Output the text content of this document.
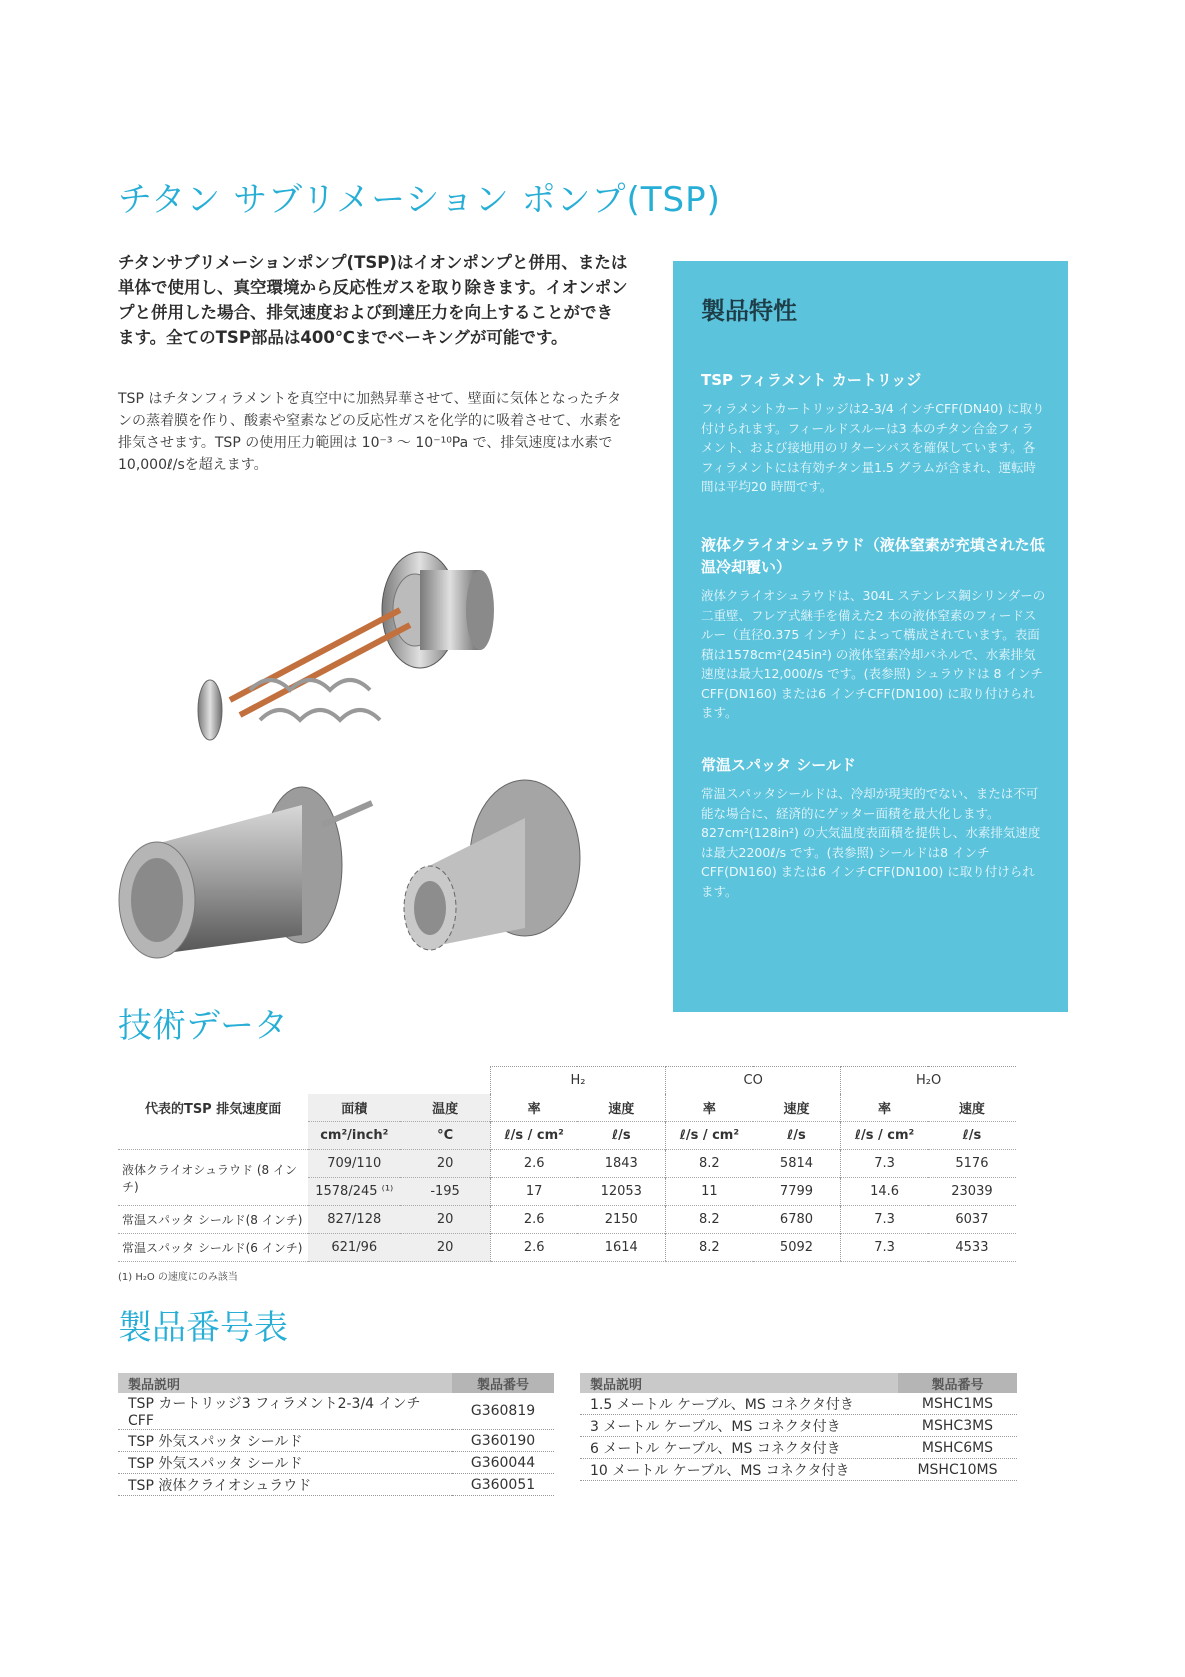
チタン サブリメーション ポンプ(TSP)
チタンサブリメーションポンプ(TSP)はイオンポンプと併用、または単体で使用し、真空環境から反応性ガスを取り除きます。イオンポンプと併用した場合、排気速度および到達圧力を向上することができます。全てのTSP部品は400℃までベーキングが可能です。
TSP はチタンフィラメントを真空中に加熱昇華させて、壁面に気体となったチタンの蒸着膜を作り、酸素や窒素などの反応性ガスを化学的に吸着させて、水素を排気させます。TSP の使用圧力範囲は 10⁻³ ～ 10⁻¹⁰Pa で、排気速度は水素で10,000ℓ/sを超えます。
製品特性
TSP フィラメント カートリッジ

フィラメントカートリッジは2-3/4 インチCFF(DN40) に取り付けられます。フィールドスルーは3 本のチタン合金フィラメント、および接地用のリターンパスを確保しています。各フィラメントには有効チタン量1.5 グラムが含まれ、運転時間は平均20 時間です。

液体クライオシュラウド（液体窒素が充填された低温冷却覆い）

液体クライオシュラウドは、304L ステンレス鋼シリンダーの二重壁、フレア式継手を備えた2 本の液体窒素のフィードスルー（直径0.375 インチ）によって構成されています。表面積は1578cm²(245in²) の液体窒素冷却パネルで、水素排気速度は最大12,000ℓ/s です。(表参照) シュラウドは 8 インチCFF(DN160) または6 インチCFF(DN100) に取り付けられます。

常温スパッタ シールド

常温スパッタシールドは、冷却が現実的でない、または不可能な場合に、経済的にゲッター面積を最大化します。827cm²(128in²) の大気温度表面積を提供し、水素排気速度は最大2200ℓ/s です。(表参照) シールドは8 インチCFF(DN160) または6 インチCFF(DN100) に取り付けられます。

技術データ
			H₂		CO		H₂O	
代表的TSP 排気速度面	面積	温度	率	速度	率	速度	率	速度
	cm²/inch²	°C	ℓ/s / cm²	ℓ/s	ℓ/s / cm²	ℓ/s	ℓ/s / cm²	ℓ/s
液体クライオシュラウド (8 インチ)	709/110	20	2.6	1843	8.2	5814	7.3	5176
	1578/245 ⁽¹⁾	-195	17	12053	11	7799	14.6	23039
常温スパッタ シールド(8 インチ)	827/128	20	2.6	2150	8.2	6780	7.3	6037
常温スパッタ シールド(6 インチ)	621/96	20	2.6	1614	8.2	5092	7.3	4533
(1) H₂O の速度にのみ該当
製品番号表
製品説明	製品番号
TSP カートリッジ3 フィラメント2-3/4 インチCFF	G360819
TSP 外気スパッタ シールド	G360190
TSP 外気スパッタ シールド	G360044
TSP 液体クライオシュラウド	G360051
製品説明	製品番号
1.5 メートル ケーブル、MS コネクタ付き	MSHC1MS
3 メートル ケーブル、MS コネクタ付き	MSHC3MS
6 メートル ケーブル、MS コネクタ付き	MSHC6MS
10 メートル ケーブル、MS コネクタ付き	MSHC10MS
